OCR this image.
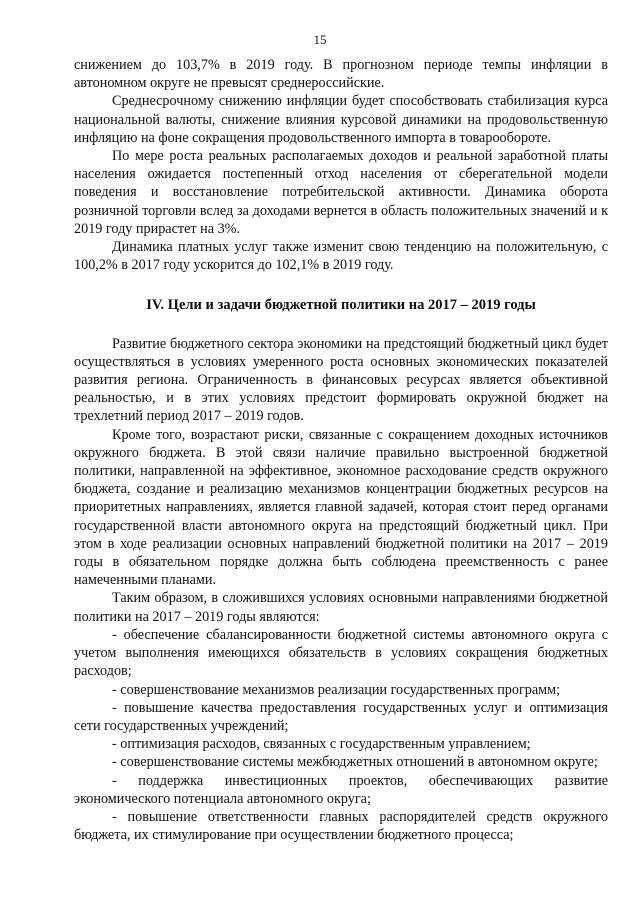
15

снижением до 103,7% в 2019 году. В прогнозном периоде темпы инфляции в автономном округе не превысят среднероссийские.

Среднесрочному снижению инфляции будет способствовать стабилизация курса национальной валюты, снижение влияния курсовой динамики на продовольственную инфляцию на фоне сокращения продовольственного импорта в товарообороте.

По мере роста реальных располагаемых доходов и реальной заработной платы населения ожидается постепенный отход населения от сберегательной модели поведения и восстановление потребительской активности. Динамика оборота розничной торговли вслед за доходами вернется в область положительных значений и к 2019 году прирастет на 3%.

Динамика платных услуг также изменит свою тенденцию на положительную, с 100,2% в 2017 году ускорится до 102,1% в 2019 году.

IV. Цели и задачи бюджетной политики на 2017 – 2019 годы

Развитие бюджетного сектора экономики на предстоящий бюджетный цикл будет осуществляться в условиях умеренного роста основных экономических показателей развития региона. Ограниченность в финансовых ресурсах является объективной реальностью, и в этих условиях предстоит формировать окружной бюджет на трехлетний период 2017 – 2019 годов.

Кроме того, возрастают риски, связанные с сокращением доходных источников окружного бюджета. В этой связи наличие правильно выстроенной бюджетной политики, направленной на эффективное, экономное расходование средств окружного бюджета, создание и реализацию механизмов концентрации бюджетных ресурсов на приоритетных направлениях, является главной задачей, которая стоит перед органами государственной власти автономного округа на предстоящий бюджетный цикл. При этом в ходе реализации основных направлений бюджетной политики на 2017 – 2019 годы в обязательном порядке должна быть соблюдена преемственность с ранее намеченными планами.

Таким образом, в сложившихся условиях основными направлениями бюджетной политики на 2017 – 2019 годы являются:

- обеспечение сбалансированности бюджетной системы автономного округа с учетом выполнения имеющихся обязательств в условиях сокращения бюджетных расходов;
- совершенствование механизмов реализации государственных программ;
- повышение качества предоставления государственных услуг и оптимизация сети государственных учреждений;
- оптимизация расходов, связанных с государственным управлением;
- совершенствование системы межбюджетных отношений в автономном округе;
- поддержка инвестиционных проектов, обеспечивающих развитие экономического потенциала автономного округа;
- повышение ответственности главных распорядителей средств окружного бюджета, их стимулирование при осуществлении бюджетного процесса;
